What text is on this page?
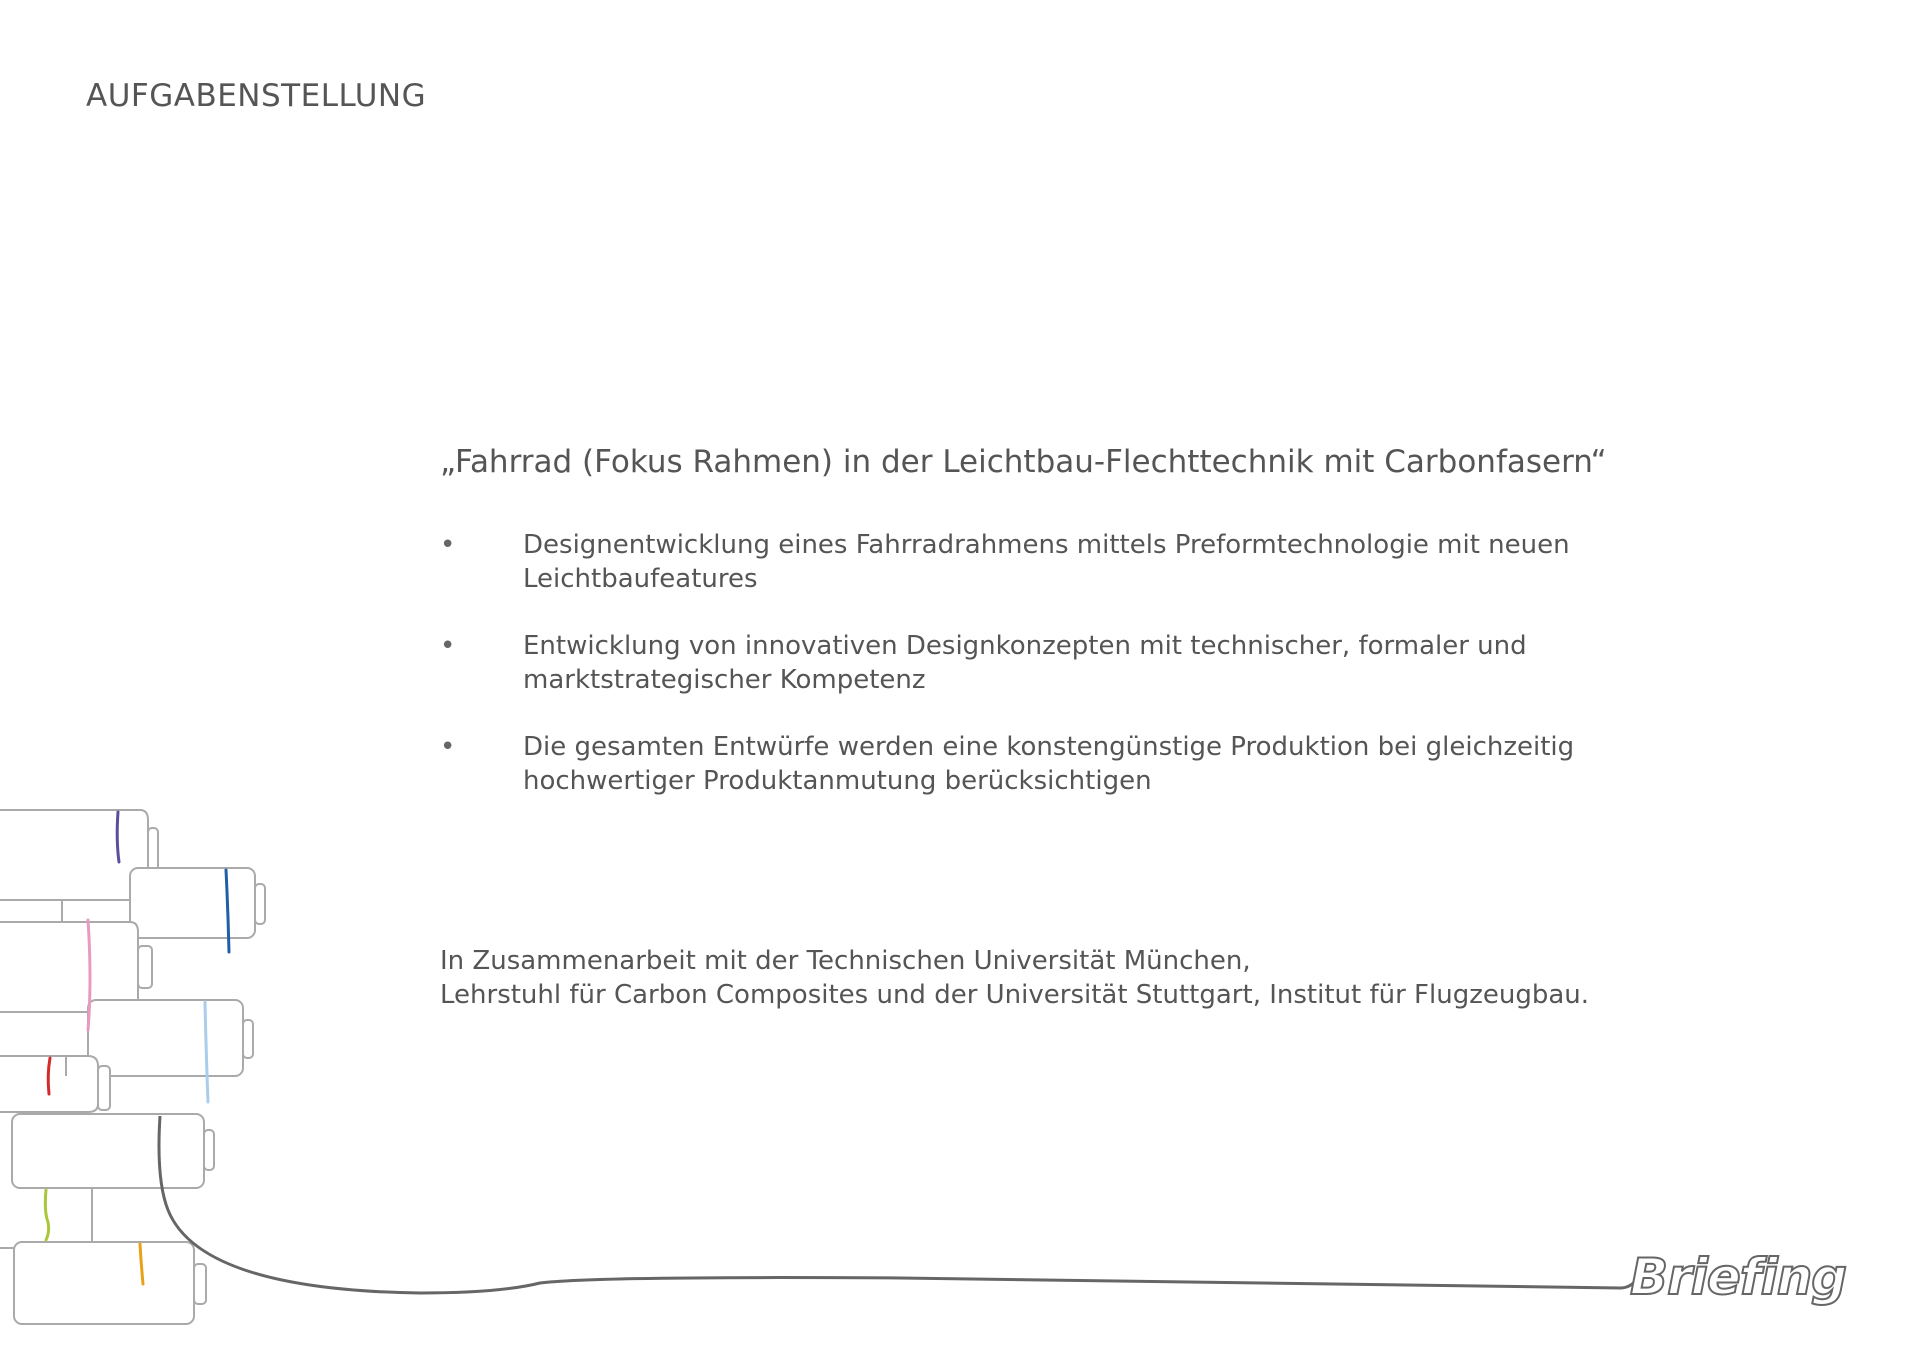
AUFGABENSTELLUNG

„Fahrrad (Fokus Rahmen) in der Leichtbau-Flechttechnik mit Carbonfasern“

•	Designentwicklung eines Fahrradrahmens mittels Preformtechnologie mit neuen Leichtbaufeatures
•	Entwicklung von innovativen Designkonzepten mit technischer, formaler und marktstrategischer Kompetenz
•	Die gesamten Entwürfe werden eine konstengünstige Produktion bei gleichzeitig hochwertiger Produktanmutung berücksichtigen
In Zusammenarbeit mit der Technischen Universität München,
Lehrstuhl für Carbon Composites und der Universität Stuttgart, Institut für Flugzeugbau.
Briefing
